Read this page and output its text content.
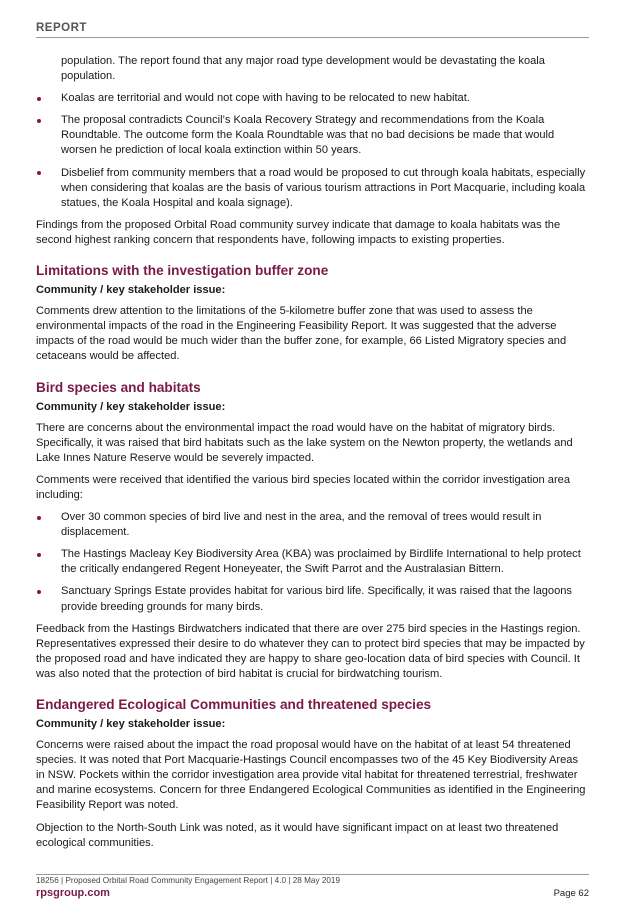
REPORT
population. The report found that any major road type development would be devastating the koala population.
Koalas are territorial and would not cope with having to be relocated to new habitat.
The proposal contradicts Council’s Koala Recovery Strategy and recommendations from the Koala Roundtable. The outcome form the Koala Roundtable was that no bad decisions be made that would worsen he prediction of local koala extinction within 50 years.
Disbelief from community members that a road would be proposed to cut through koala habitats, especially when considering that koalas are the basis of various tourism attractions in Port Macquarie, including koala statues, the Koala Hospital and koala signage).

Findings from the proposed Orbital Road community survey indicate that damage to koala habitats was the second highest ranking concern that respondents have, following impacts to existing properties.

Limitations with the investigation buffer zone

Community / key stakeholder issue:

Comments drew attention to the limitations of the 5-kilometre buffer zone that was used to assess the environmental impacts of the road in the Engineering Feasibility Report. It was suggested that the adverse impacts of the road would be much wider than the buffer zone, for example, 66 Listed Migratory species and cetaceans would be affected.

Bird species and habitats

Community / key stakeholder issue:

There are concerns about the environmental impact the road would have on the habitat of migratory birds. Specifically, it was raised that bird habitats such as the lake system on the Newton property, the wetlands and Lake Innes Nature Reserve would be severely impacted.

Comments were received that identified the various bird species located within the corridor investigation area including:

Over 30 common species of bird live and nest in the area, and the removal of trees would result in displacement.
The Hastings Macleay Key Biodiversity Area (KBA) was proclaimed by Birdlife International to help protect the critically endangered Regent Honeyeater, the Swift Parrot and the Australasian Bittern.
Sanctuary Springs Estate provides habitat for various bird life. Specifically, it was raised that the lagoons provide breeding grounds for many birds.

Feedback from the Hastings Birdwatchers indicated that there are over 275 bird species in the Hastings region. Representatives expressed their desire to do whatever they can to protect bird species that may be impacted by the proposed road and have indicated they are happy to share geo-location data of bird species with Council. It was also noted that the protection of bird habitat is crucial for birdwatching tourism.

Endangered Ecological Communities and threatened species

Community / key stakeholder issue:

Concerns were raised about the impact the road proposal would have on the habitat of at least 54 threatened species. It was noted that Port Macquarie-Hastings Council encompasses two of the 45 Key Biodiversity Areas in NSW. Pockets within the corridor investigation area provide vital habitat for threatened terrestrial, freshwater and marine ecosystems. Concern for three Endangered Ecological Communities as identified in the Engineering Feasibility Report was noted.

Objection to the North-South Link was noted, as it would have significant impact on at least two threatened ecological communities.

18256 | Proposed Orbital Road Community Engagement Report | 4.0 | 28 May 2019
rpsgroup.com	Page 62
